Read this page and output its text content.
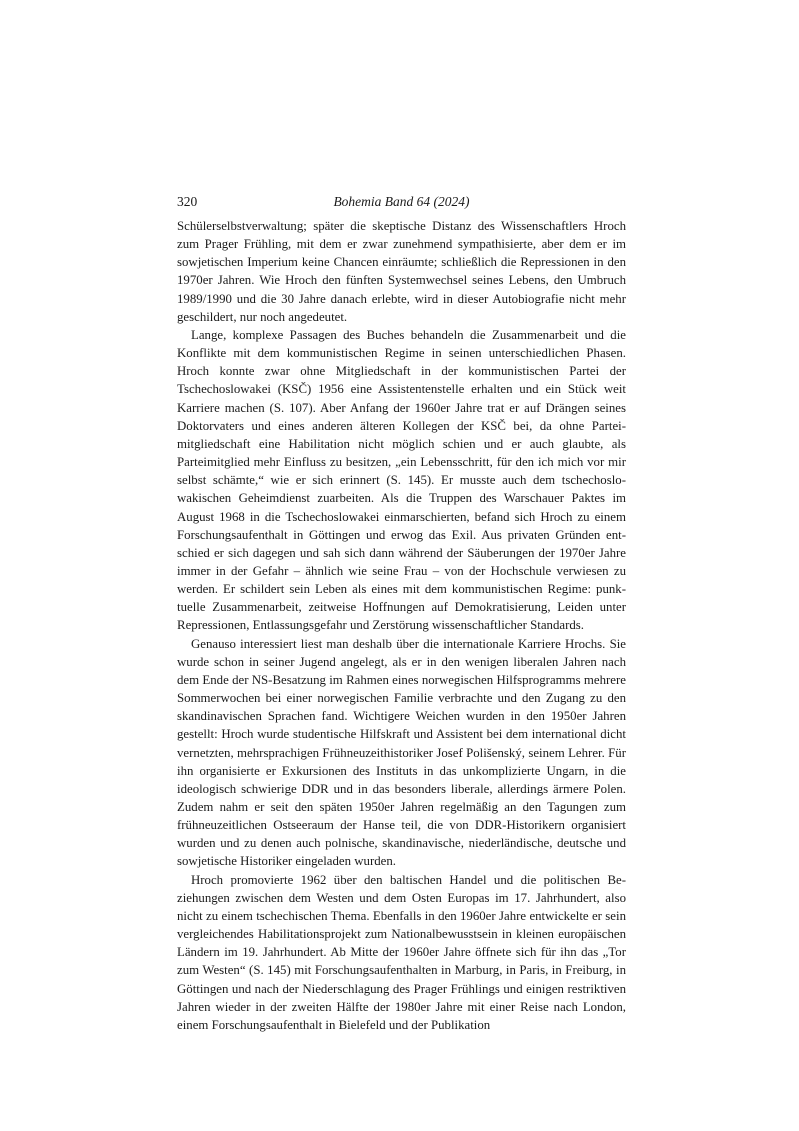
320	Bohemia Band 64 (2024)

Schülerselbstverwaltung; später die skeptische Distanz des Wissenschaftlers Hroch zum Prager Frühling, mit dem er zwar zunehmend sympathisierte, aber dem er im sowjetischen Imperium keine Chancen einräumte; schließlich die Repressionen in den 1970er Jahren. Wie Hroch den fünften Systemwechsel seines Lebens, den Umbruch 1989/1990 und die 30 Jahre danach erlebte, wird in dieser Autobiografie nicht mehr geschildert, nur noch angedeutet.

Lange, komplexe Passagen des Buches behandeln die Zusammenarbeit und die Konflikte mit dem kommunistischen Regime in seinen unterschiedlichen Phasen. Hroch konnte zwar ohne Mitgliedschaft in der kommunistischen Partei der Tschechoslowakei (KSČ) 1956 eine Assistentenstelle erhalten und ein Stück weit Karriere machen (S. 107). Aber Anfang der 1960er Jahre trat er auf Drängen seines Doktorvaters und eines anderen älteren Kollegen der KSČ bei, da ohne Parteimitgliedschaft eine Habilitation nicht möglich schien und er auch glaubte, als Parteimitglied mehr Einfluss zu besitzen, „ein Lebensschritt, für den ich mich vor mir selbst schämte,“ wie er sich erinnert (S. 145). Er musste auch dem tschechoslowakischen Geheimdienst zuarbeiten. Als die Truppen des Warschauer Paktes im August 1968 in die Tschechoslowakei einmarschierten, befand sich Hroch zu einem Forschungsaufenthalt in Göttingen und erwog das Exil. Aus privaten Gründen entschied er sich dagegen und sah sich dann während der Säuberungen der 1970er Jahre immer in der Gefahr – ähnlich wie seine Frau – von der Hochschule verwiesen zu werden. Er schildert sein Leben als eines mit dem kommunistischen Regime: punktuelle Zusammenarbeit, zeitweise Hoffnungen auf Demokratisierung, Leiden unter Repressionen, Entlassungsgefahr und Zerstörung wissenschaftlicher Standards.

Genauso interessiert liest man deshalb über die internationale Karriere Hrochs. Sie wurde schon in seiner Jugend angelegt, als er in den wenigen liberalen Jahren nach dem Ende der NS-Besatzung im Rahmen eines norwegischen Hilfsprogramms mehrere Sommerwochen bei einer norwegischen Familie verbrachte und den Zugang zu den skandinavischen Sprachen fand. Wichtigere Weichen wurden in den 1950er Jahren gestellt: Hroch wurde studentische Hilfskraft und Assistent bei dem international dicht vernetzten, mehrsprachigen Frühneuzeithistoriker Josef Polišenský, seinem Lehrer. Für ihn organisierte er Exkursionen des Instituts in das unkomplizierte Ungarn, in die ideologisch schwierige DDR und in das besonders liberale, allerdings ärmere Polen. Zudem nahm er seit den späten 1950er Jahren regelmäßig an den Tagungen zum frühneuzeitlichen Ostseeraum der Hanse teil, die von DDR-Historikern organisiert wurden und zu denen auch polnische, skandinavische, niederländische, deutsche und sowjetische Historiker eingeladen wurden.

Hroch promovierte 1962 über den baltischen Handel und die politischen Beziehungen zwischen dem Westen und dem Osten Europas im 17. Jahrhundert, also nicht zu einem tschechischen Thema. Ebenfalls in den 1960er Jahre entwickelte er sein vergleichendes Habilitationsprojekt zum Nationalbewusstsein in kleinen europäischen Ländern im 19. Jahrhundert. Ab Mitte der 1960er Jahre öffnete sich für ihn das „Tor zum Westen“ (S. 145) mit Forschungsaufenthalten in Marburg, in Paris, in Freiburg, in Göttingen und nach der Niederschlagung des Prager Frühlings und einigen restriktiven Jahren wieder in der zweiten Hälfte der 1980er Jahre mit einer Reise nach London, einem Forschungsaufenthalt in Bielefeld und der Publikation
